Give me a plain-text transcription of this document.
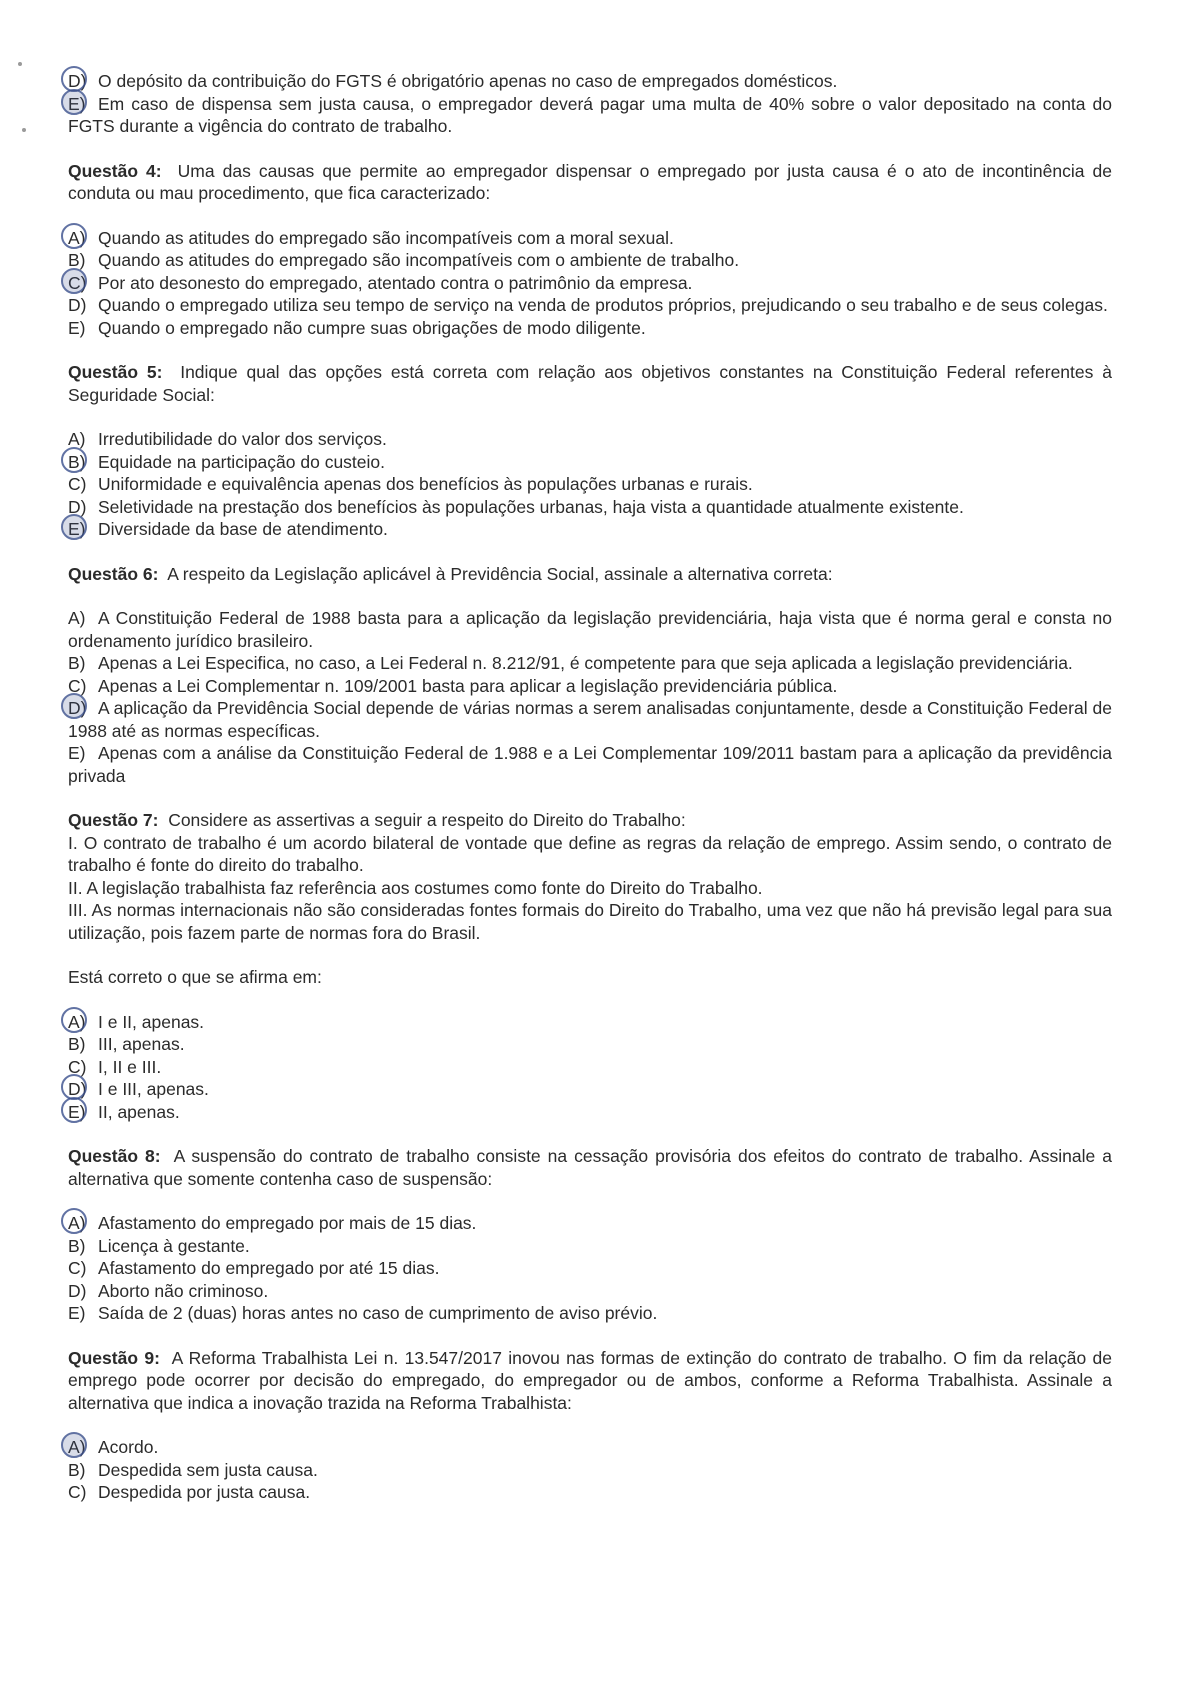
D) O depósito da contribuição do FGTS é obrigatório apenas no caso de empregados domésticos.

E) Em caso de dispensa sem justa causa, o empregador deverá pagar uma multa de 40% sobre o valor depositado na conta do FGTS durante a vigência do contrato de trabalho.

Questão 4: Uma das causas que permite ao empregador dispensar o empregado por justa causa é o ato de incontinência de conduta ou mau procedimento, que fica caracterizado:

A) Quando as atitudes do empregado são incompatíveis com a moral sexual.

B) Quando as atitudes do empregado são incompatíveis com o ambiente de trabalho.

C) Por ato desonesto do empregado, atentado contra o patrimônio da empresa.

D) Quando o empregado utiliza seu tempo de serviço na venda de produtos próprios, prejudicando o seu trabalho e de seus colegas.

E) Quando o empregado não cumpre suas obrigações de modo diligente.

Questão 5: Indique qual das opções está correta com relação aos objetivos constantes na Constituição Federal referentes à Seguridade Social:

A) Irredutibilidade do valor dos serviços.

B) Equidade na participação do custeio.

C) Uniformidade e equivalência apenas dos benefícios às populações urbanas e rurais.

D) Seletividade na prestação dos benefícios às populações urbanas, haja vista a quantidade atualmente existente.

E) Diversidade da base de atendimento.

Questão 6: A respeito da Legislação aplicável à Previdência Social, assinale a alternativa correta:

A) A Constituição Federal de 1988 basta para a aplicação da legislação previdenciária, haja vista que é norma geral e consta no ordenamento jurídico brasileiro.

B) Apenas a Lei Especifica, no caso, a Lei Federal n. 8.212/91, é competente para que seja aplicada a legislação previdenciária.

C) Apenas a Lei Complementar n. 109/2001 basta para aplicar a legislação previdenciária pública.

D) A aplicação da Previdência Social depende de várias normas a serem analisadas conjuntamente, desde a Constituição Federal de 1988 até as normas específicas.

E) Apenas com a análise da Constituição Federal de 1.988 e a Lei Complementar 109/2011 bastam para a aplicação da previdência privada

Questão 7: Considere as assertivas a seguir a respeito do Direito do Trabalho:

I. O contrato de trabalho é um acordo bilateral de vontade que define as regras da relação de emprego. Assim sendo, o contrato de trabalho é fonte do direito do trabalho.

II. A legislação trabalhista faz referência aos costumes como fonte do Direito do Trabalho.

III. As normas internacionais não são consideradas fontes formais do Direito do Trabalho, uma vez que não há previsão legal para sua utilização, pois fazem parte de normas fora do Brasil.

Está correto o que se afirma em:

A) I e II, apenas.

B) III, apenas.

C) I, II e III.

D) I e III, apenas.

E) II, apenas.

Questão 8: A suspensão do contrato de trabalho consiste na cessação provisória dos efeitos do contrato de trabalho. Assinale a alternativa que somente contenha caso de suspensão:

A) Afastamento do empregado por mais de 15 dias.

B) Licença à gestante.

C) Afastamento do empregado por até 15 dias.

D) Aborto não criminoso.

E) Saída de 2 (duas) horas antes no caso de cumprimento de aviso prévio.

Questão 9: A Reforma Trabalhista Lei n. 13.547/2017 inovou nas formas de extinção do contrato de trabalho. O fim da relação de emprego pode ocorrer por decisão do empregado, do empregador ou de ambos, conforme a Reforma Trabalhista. Assinale a alternativa que indica a inovação trazida na Reforma Trabalhista:

A) Acordo.

B) Despedida sem justa causa.

C) Despedida por justa causa.
